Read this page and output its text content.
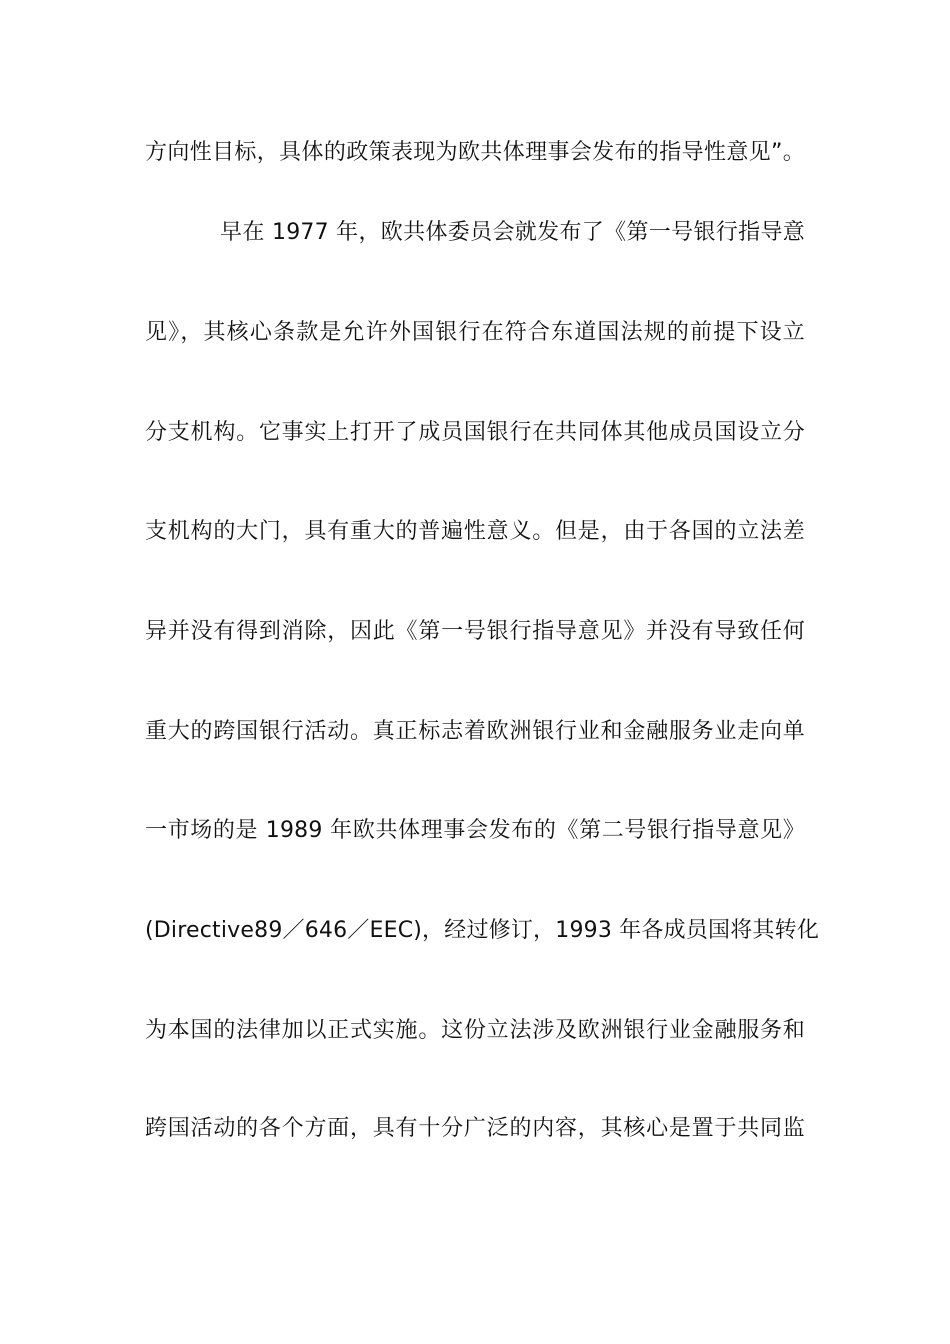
方向性目标，具体的政策表现为欧共体理事会发布的指导性意见”。
早在 1977 年，欧共体委员会就发布了《第一号银行指导意
见》，其核心条款是允许外国银行在符合东道国法规的前提下设立
分支机构。它事实上打开了成员国银行在共同体其他成员国设立分
支机构的大门，具有重大的普遍性意义。但是，由于各国的立法差
异并没有得到消除，因此《第一号银行指导意见》并没有导致任何
重大的跨国银行活动。真正标志着欧洲银行业和金融服务业走向单
一市场的是 1989 年欧共体理事会发布的《第二号银行指导意见》
(Directive89／646／EEC)，经过修订，1993 年各成员国将其转化
为本国的法律加以正式实施。这份立法涉及欧洲银行业金融服务和
跨国活动的各个方面，具有十分广泛的内容，其核心是置于共同监
